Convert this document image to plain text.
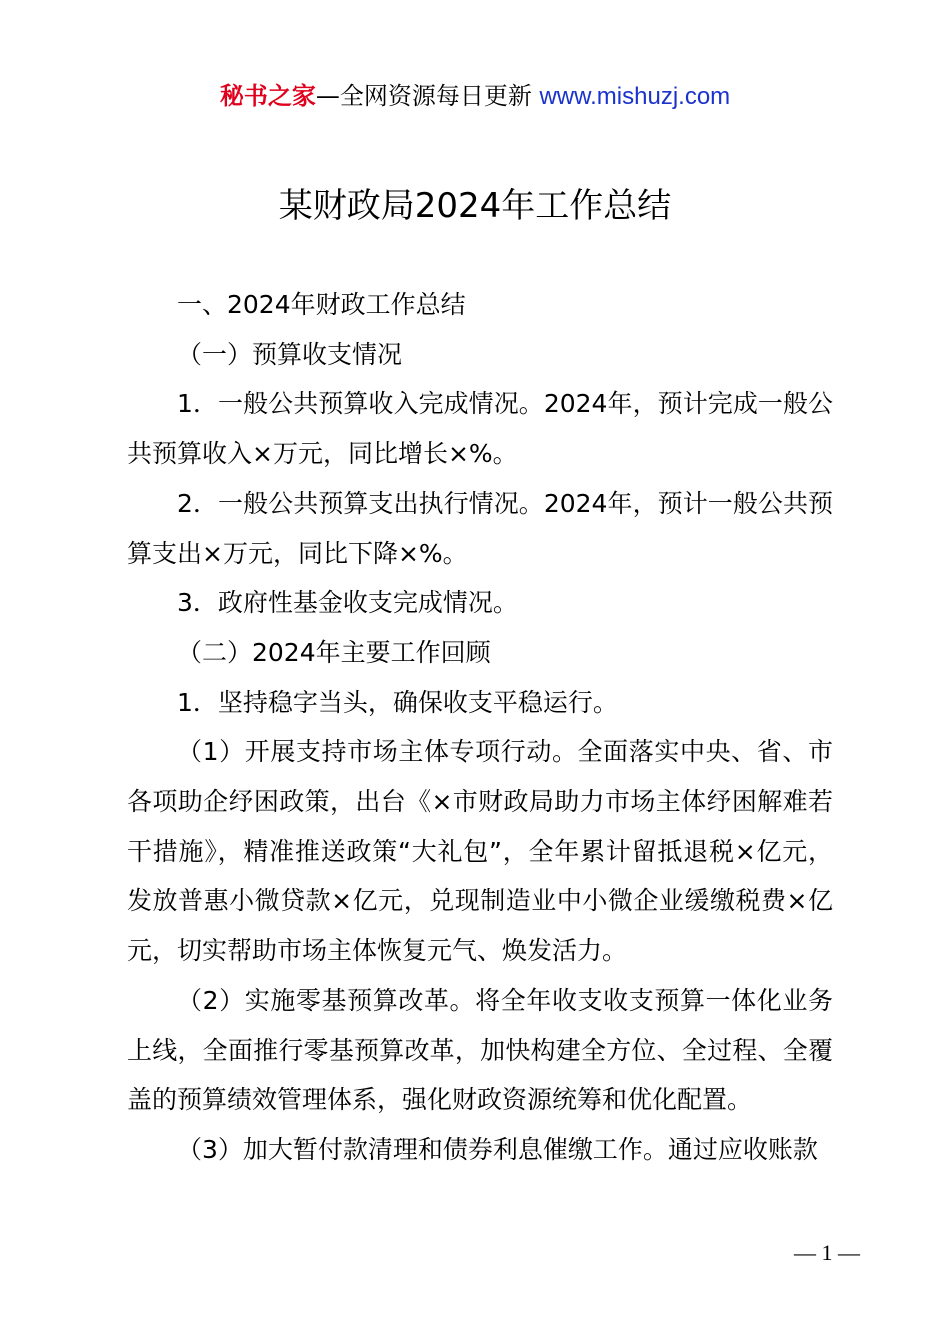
秘书之家—全网资源每日更新 www.mishuzj.com
某财政局2024年工作总结

一、2024年财政工作总结

（一）预算收支情况

1．一般公共预算收入完成情况。2024年，预计完成一般公共预算收入×万元，同比增长×%。

2．一般公共预算支出执行情况。2024年，预计一般公共预算支出×万元，同比下降×%。

3．政府性基金收支完成情况。

（二）2024年主要工作回顾

1．坚持稳字当头，确保收支平稳运行。

（1）开展支持市场主体专项行动。全面落实中央、省、市各项助企纾困政策，出台《×市财政局助力市场主体纾困解难若干措施》，精准推送政策“大礼包”，全年累计留抵退税×亿元，发放普惠小微贷款×亿元，兑现制造业中小微企业缓缴税费×亿元，切实帮助市场主体恢复元气、焕发活力。

（2）实施零基预算改革。将全年收支收支预算一体化业务上线，全面推行零基预算改革，加快构建全方位、全过程、全覆盖的预算绩效管理体系，强化财政资源统筹和优化配置。

（3）加大暂付款清理和债券利息催缴工作。通过应收账款

— 1 —
